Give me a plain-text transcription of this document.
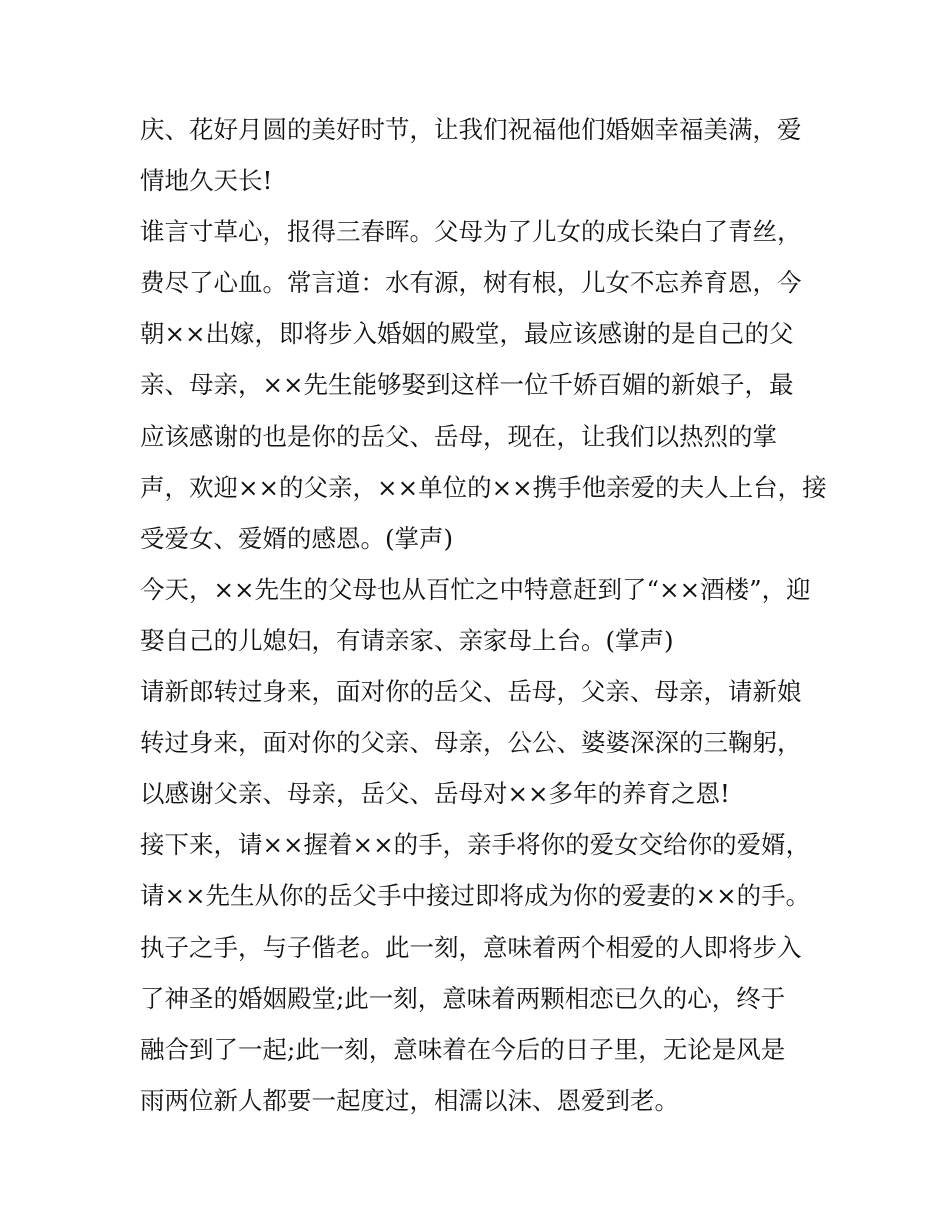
庆、花好月圆的美好时节，让我们祝福他们婚姻幸福美满，爱

情地久天长!

谁言寸草心，报得三春晖。父母为了儿女的成长染白了青丝，

费尽了心血。常言道：水有源，树有根，儿女不忘养育恩，今

朝××出嫁，即将步入婚姻的殿堂，最应该感谢的是自己的父

亲、母亲，××先生能够娶到这样一位千娇百媚的新娘子，最

应该感谢的也是你的岳父、岳母，现在，让我们以热烈的掌

声，欢迎××的父亲，××单位的××携手他亲爱的夫人上台，接

受爱女、爱婿的感恩。(掌声)

今天，××先生的父母也从百忙之中特意赶到了“××酒楼”，迎

娶自己的儿媳妇，有请亲家、亲家母上台。(掌声)

请新郎转过身来，面对你的岳父、岳母，父亲、母亲，请新娘

转过身来，面对你的父亲、母亲，公公、婆婆深深的三鞠躬，

以感谢父亲、母亲，岳父、岳母对××多年的养育之恩!

接下来，请××握着××的手，亲手将你的爱女交给你的爱婿，

请××先生从你的岳父手中接过即将成为你的爱妻的××的手。

执子之手，与子偕老。此一刻，意味着两个相爱的人即将步入

了神圣的婚姻殿堂;此一刻，意味着两颗相恋已久的心，终于

融合到了一起;此一刻，意味着在今后的日子里，无论是风是

雨两位新人都要一起度过，相濡以沫、恩爱到老。
